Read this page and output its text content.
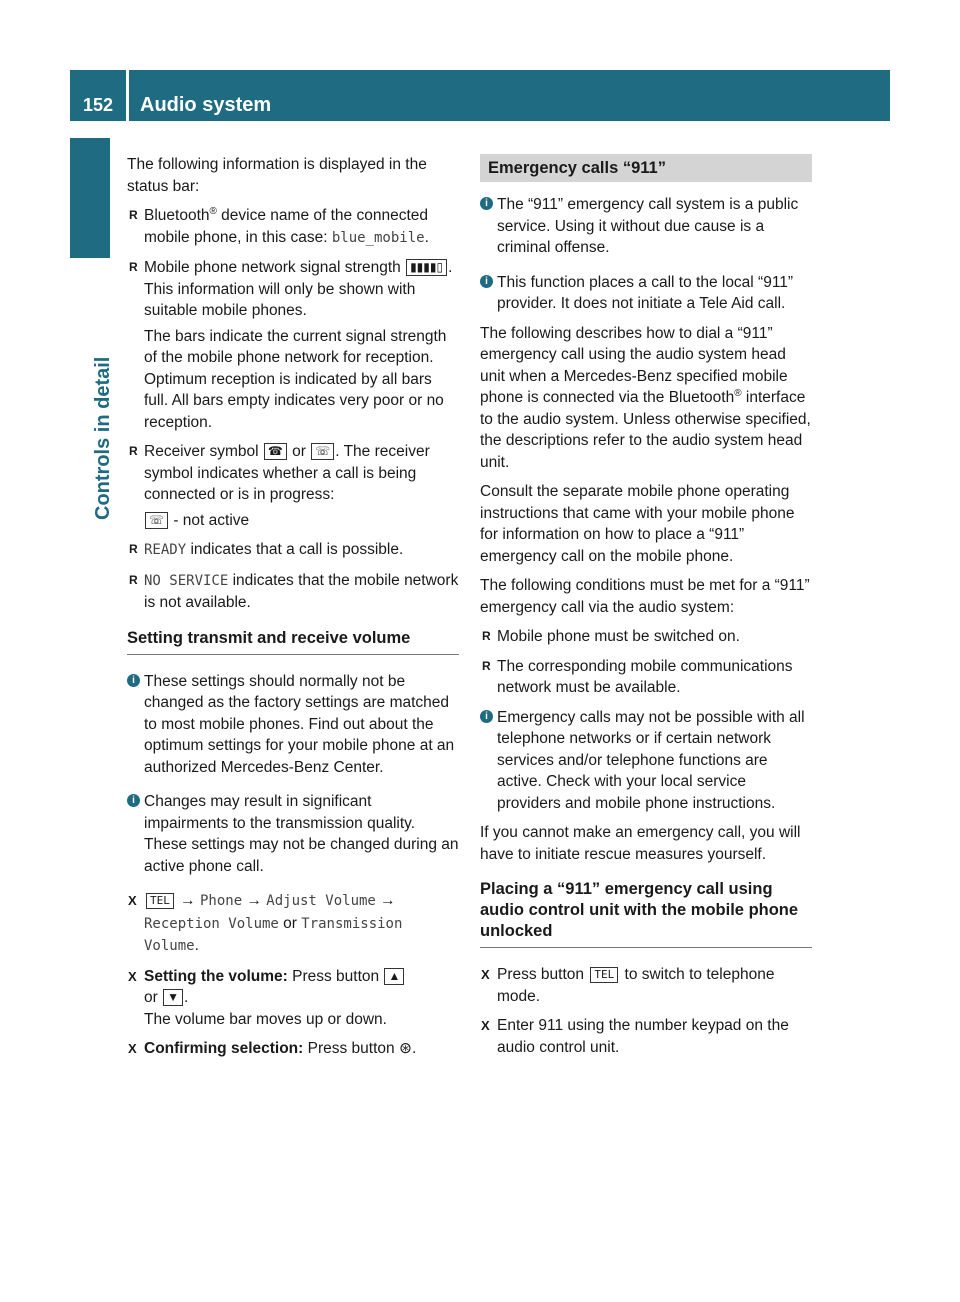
152	Audio system
Controls in detail

The following information is displayed in the status bar:

R Bluetooth® device name of the connected mobile phone, in this case: blue_mobile.
R Mobile phone network signal strength ▮▮▮▮▯ . This information will only be shown with suitable mobile phones.

The bars indicate the current signal strength of the mobile phone network for reception. Optimum reception is indicated by all bars full. All bars empty indicates very poor or no reception.

R Receiver symbol ☎ or ☏ . The receiver symbol indicates whether a call is being connected or is in progress:
☏ - not active
R READY indicates that a call is possible.
R NO SERVICE indicates that the mobile network is not available.
Setting transmit and receive volume
i These settings should normally not be changed as the factory settings are matched to most mobile phones. Find out about the optimum settings for your mobile phone at an authorized Mercedes-Benz Center.
i Changes may result in significant impairments to the transmission quality. These settings may not be changed during an active phone call.
X TEL → Phone → Adjust Volume → Reception Volume or Transmission Volume.
X Setting the volume: Press button ▲
or ▼ .
The volume bar moves up or down.
X Confirming selection: Press button ⊛.
Emergency calls “911”
i The “911” emergency call system is a public service. Using it without due cause is a criminal offense.
i This function places a call to the local “911” provider. It does not initiate a Tele Aid call.

The following describes how to dial a “911” emergency call using the audio system head unit when a Mercedes-Benz specified mobile phone is connected via the Bluetooth® interface to the audio system. Unless otherwise specified, the descriptions refer to the audio system head unit.

Consult the separate mobile phone operating instructions that came with your mobile phone for information on how to place a “911” emergency call on the mobile phone.

The following conditions must be met for a “911” emergency call via the audio system:

R Mobile phone must be switched on.
R The corresponding mobile communications network must be available.
i Emergency calls may not be possible with all telephone networks or if certain network services and/or telephone functions are active. Check with your local service providers and mobile phone instructions.

If you cannot make an emergency call, you will have to initiate rescue measures yourself.

Placing a “911” emergency call using audio control unit with the mobile phone unlocked
X Press button TEL to switch to telephone mode.
X Enter 911 using the number keypad on the audio control unit.
